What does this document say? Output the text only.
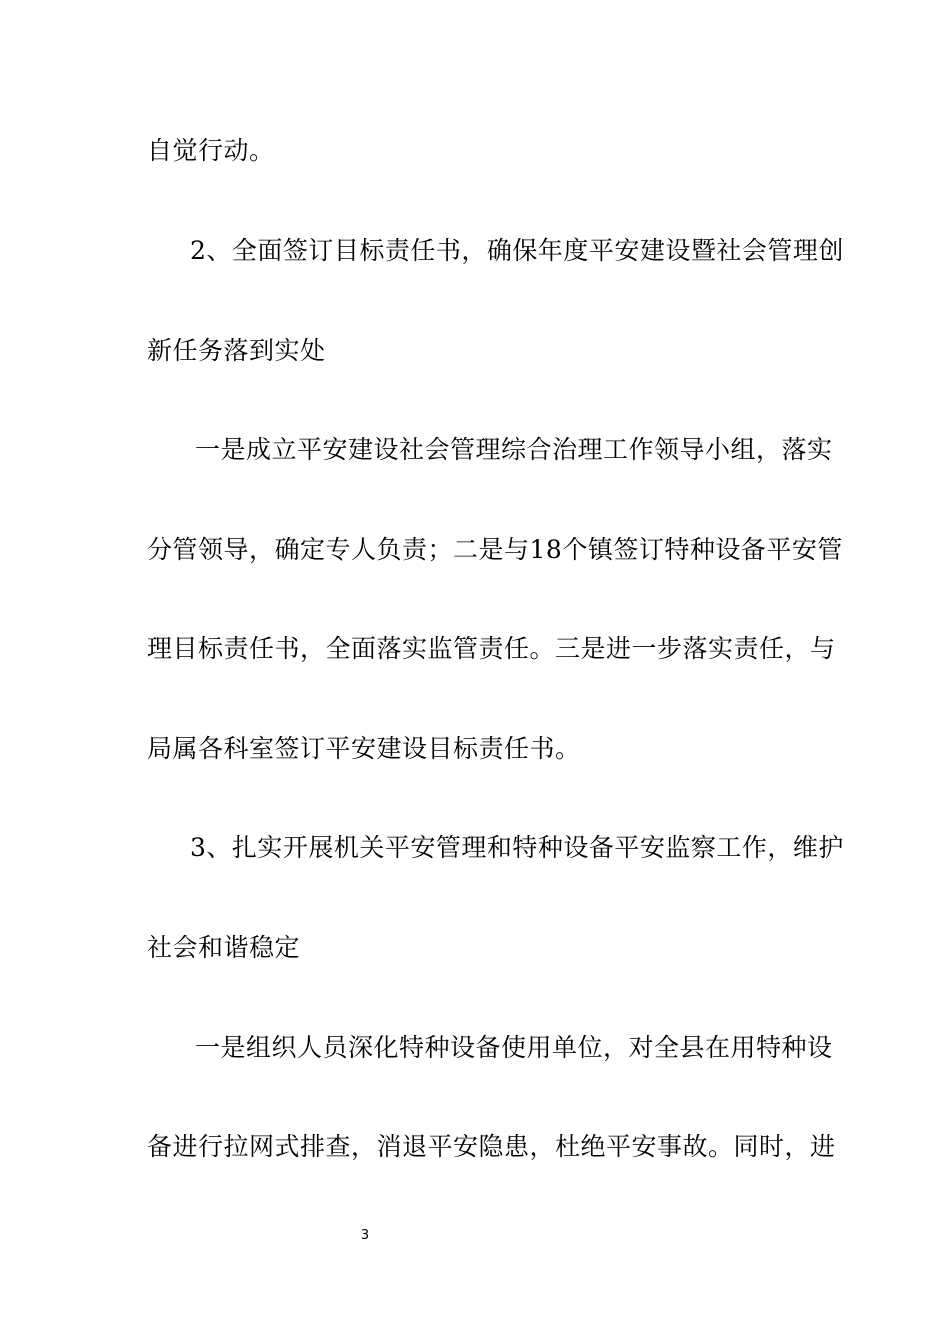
自觉行动。
2、全面签订目标责任书，确保年度平安建设暨社会管理创
新任务落到实处
一是成立平安建设社会管理综合治理工作领导小组，落实
分管领导，确定专人负责；二是与18个镇签订特种设备平安管
理目标责任书，全面落实监管责任。三是进一步落实责任，与
局属各科室签订平安建设目标责任书。
3、扎实开展机关平安管理和特种设备平安监察工作，维护
社会和谐稳定
一是组织人员深化特种设备使用单位，对全县在用特种设
备进行拉网式排查，消退平安隐患，杜绝平安事故。同时，进
3
